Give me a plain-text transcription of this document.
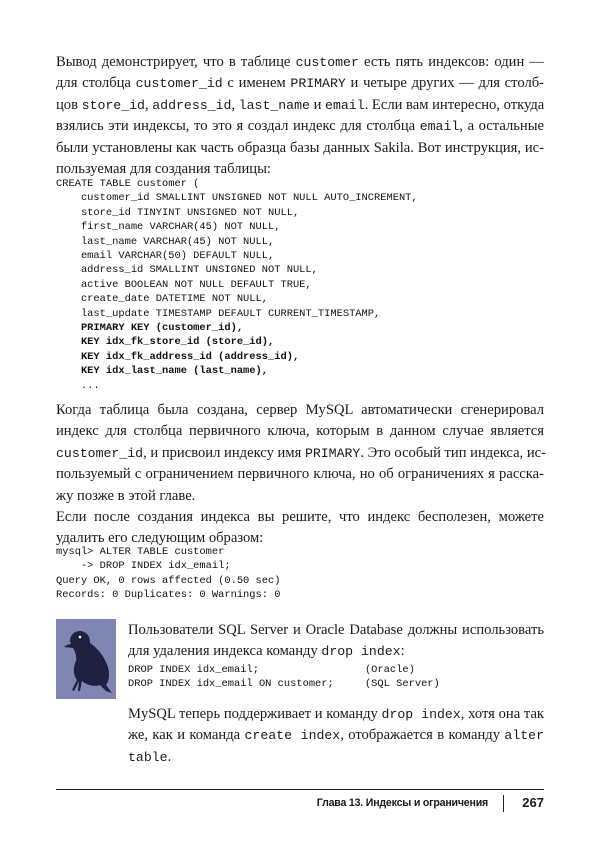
Вывод демонстрирует, что в таблице customer есть пять индексов: один —
для столбца customer_id с именем PRIMARY и четыре других — для столб-
цов store_id, address_id, last_name и email. Если вам интересно, откуда
взялись эти индексы, то это я создал индекс для столбца email, а остальные
были установлены как часть образца базы данных Sakila. Вот инструкция, ис-
пользуемая для создания таблицы:
CREATE TABLE customer (
customer_id SMALLINT UNSIGNED NOT NULL AUTO_INCREMENT,
store_id TINYINT UNSIGNED NOT NULL,
first_name VARCHAR(45) NOT NULL,
last_name VARCHAR(45) NOT NULL,
email VARCHAR(50) DEFAULT NULL,
address_id SMALLINT UNSIGNED NOT NULL,
active BOOLEAN NOT NULL DEFAULT TRUE,
create_date DATETIME NOT NULL,
last_update TIMESTAMP DEFAULT CURRENT_TIMESTAMP,
PRIMARY KEY (customer_id),
KEY idx_fk_store_id (store_id),
KEY idx_fk_address_id (address_id),
KEY idx_last_name (last_name),
...
Когда таблица была создана, сервер MySQL автоматически сгенерировал
индекс для столбца первичного ключа, которым в данном случае является
customer_id, и присвоил индексу имя PRIMARY. Это особый тип индекса, ис-
пользуемый с ограничением первичного ключа, но об ограничениях я расска-
жу позже в этой главе.
Если после создания индекса вы решите, что индекс бесполезен, можете
удалить его следующим образом:
mysql> ALTER TABLE customer
-> DROP INDEX idx_email;
Query OK, 0 rows affected (0.50 sec)
Records: 0 Duplicates: 0 Warnings: 0
Пользователи SQL Server и Oracle Database должны использовать
для удаления индекса команду drop index:
DROP INDEX idx_email;                 (Oracle)
DROP INDEX idx_email ON customer;     (SQL Server)
MySQL теперь поддерживает и команду drop index, хотя она так
же, как и команда create index, отображается в команду alter
table.
Глава 13. Индексы и ограничения	267
